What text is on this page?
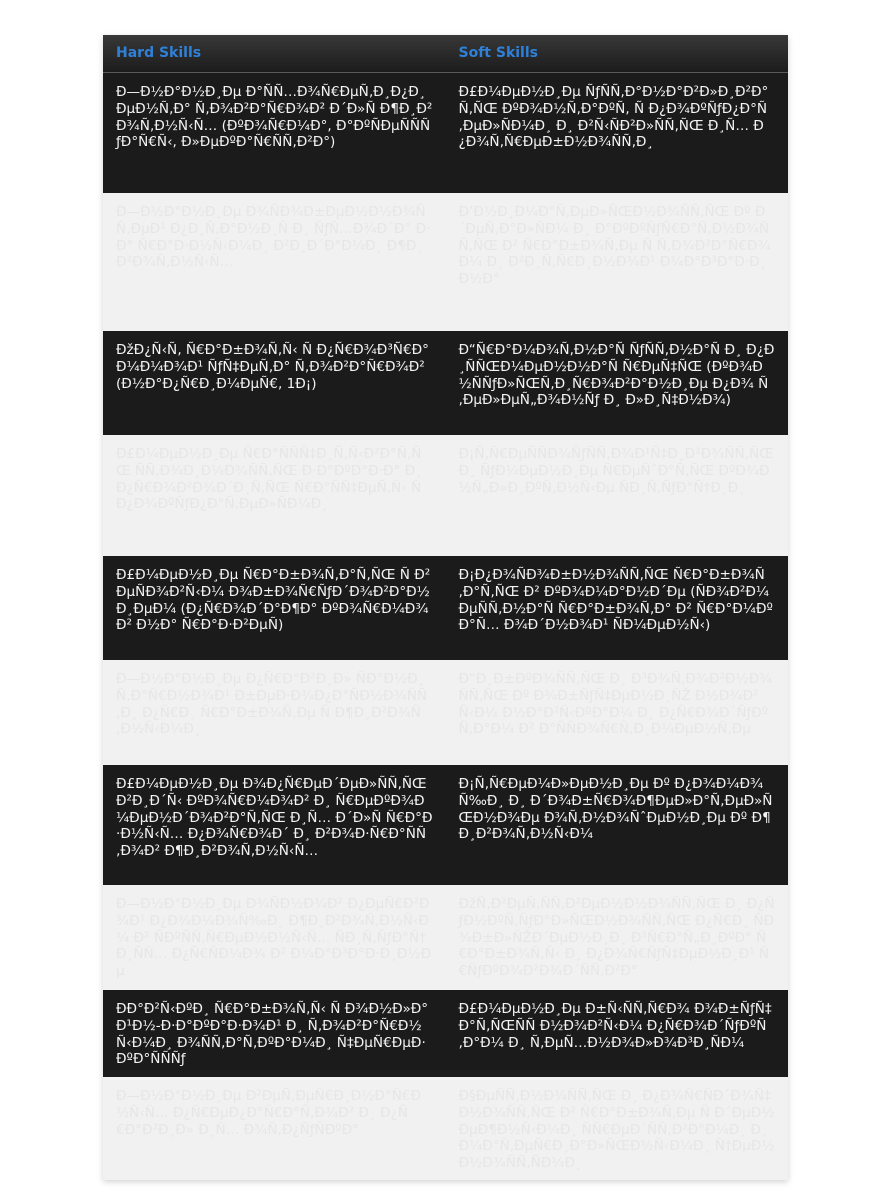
Hard Skills	Soft Skills
Ð—Ð½Ð°Ð½Ð¸Ðµ Ð°ÑÑ…Ð¾Ñ€ÐµÑ‚Ð¸Ð¿Ð¸ÐµÐ½Ñ‚Ð° Ñ‚Ð¾Ð²Ð°Ñ€Ð¾Ð² Ð´Ð»Ñ Ð¶Ð¸Ð²Ð¾Ñ‚Ð½Ñ‹Ñ… (ÐºÐ¾Ñ€Ð¼Ð°, Ð°ÐºÑÐµÑÑÑƒÐ°Ñ€Ñ‹, Ð»ÐµÐºÐ°Ñ€ÑÑ‚Ð²Ð°)
Ð£Ð¼ÐµÐ½Ð¸Ðµ ÑƒÑÑ‚Ð°Ð½Ð°Ð²Ð»Ð¸Ð²Ð°Ñ‚ÑŒ ÐºÐ¾Ð½Ñ‚Ð°ÐºÑ‚ Ñ Ð¿Ð¾ÐºÑƒÐ¿Ð°Ñ‚ÐµÐ»ÑÐ¼Ð¸ Ð¸ Ð²Ñ‹ÑÐ²Ð»ÑÑ‚ÑŒ Ð¸Ñ… Ð¿Ð¾Ñ‚Ñ€ÐµÐ±Ð½Ð¾ÑÑ‚Ð¸
Ð—Ð½Ð°Ð½Ð¸Ðµ Ð¾ÑÐ¾Ð±ÐµÐ½Ð½Ð¾ÑÑ‚ÐµÐ¹ Ð¿Ð¸Ñ‚Ð°Ð½Ð¸Ñ Ð¸ ÑƒÑ…Ð¾Ð´Ð° Ð·Ð° Ñ€Ð°Ð·Ð½Ñ‹Ð¼Ð¸ Ð²Ð¸Ð´Ð°Ð¼Ð¸ Ð¶Ð¸Ð²Ð¾Ñ‚Ð½Ñ‹Ñ…
Ð’Ð½Ð¸Ð¼Ð°Ñ‚ÐµÐ»ÑŒÐ½Ð¾ÑÑ‚ÑŒ Ðº Ð´ÐµÑ‚Ð°Ð»ÑÐ¼ Ð¸ Ð°ÐºÐºÑƒÑ€Ð°Ñ‚Ð½Ð¾ÑÑ‚ÑŒ Ð² Ñ€Ð°Ð±Ð¾Ñ‚Ðµ Ñ Ñ‚Ð¾Ð²Ð°Ñ€Ð¾Ð¼ Ð¸ Ð²Ð¸Ñ‚Ñ€Ð¸Ð½Ð¾Ð¹ Ð¼Ð°Ð³Ð°Ð·Ð¸Ð½Ð°
ÐžÐ¿Ñ‹Ñ‚ Ñ€Ð°Ð±Ð¾Ñ‚Ñ‹ Ñ Ð¿Ñ€Ð¾Ð³Ñ€Ð°Ð¼Ð¼Ð¾Ð¹ ÑƒÑ‡ÐµÑ‚Ð° Ñ‚Ð¾Ð²Ð°Ñ€Ð¾Ð² (Ð½Ð°Ð¿Ñ€Ð¸Ð¼ÐµÑ€, 1Ð¡)
Ð“Ñ€Ð°Ð¼Ð¾Ñ‚Ð½Ð°Ñ ÑƒÑÑ‚Ð½Ð°Ñ Ð¸ Ð¿Ð¸ÑÑŒÐ¼ÐµÐ½Ð½Ð°Ñ Ñ€ÐµÑ‡ÑŒ (ÐºÐ¾Ð½ÑÑƒÐ»ÑŒÑ‚Ð¸Ñ€Ð¾Ð²Ð°Ð½Ð¸Ðµ Ð¿Ð¾ Ñ‚ÐµÐ»ÐµÑ„Ð¾Ð½Ñƒ Ð¸ Ð»Ð¸Ñ‡Ð½Ð¾)
Ð£Ð¼ÐµÐ½Ð¸Ðµ Ñ€Ð°ÑÑÑ‡Ð¸Ñ‚Ñ‹Ð²Ð°Ñ‚ÑŒ ÑÑ‚Ð¾Ð¸Ð¼Ð¾ÑÑ‚ÑŒ Ð·Ð°ÐºÐ°Ð·Ð° Ð¸ Ð¿Ñ€Ð¾Ð²Ð¾Ð´Ð¸Ñ‚ÑŒ Ñ€Ð°ÑÑ‡ÐµÑ‚Ñ‹ Ñ Ð¿Ð¾ÐºÑƒÐ¿Ð°Ñ‚ÐµÐ»ÑÐ¼Ð¸
Ð¡Ñ‚Ñ€ÐµÑÑÐ¾ÑƒÑÑ‚Ð¾Ð¹Ñ‡Ð¸Ð²Ð¾ÑÑ‚ÑŒ Ð¸ ÑƒÐ¼ÐµÐ½Ð¸Ðµ Ñ€ÐµÑˆÐ°Ñ‚ÑŒ ÐºÐ¾Ð½Ñ„Ð»Ð¸ÐºÑ‚Ð½Ñ‹Ðµ ÑÐ¸Ñ‚ÑƒÐ°Ñ†Ð¸Ð¸
Ð£Ð¼ÐµÐ½Ð¸Ðµ Ñ€Ð°Ð±Ð¾Ñ‚Ð°Ñ‚ÑŒ Ñ Ð²ÐµÑÐ¾Ð²Ñ‹Ð¼ Ð¾Ð±Ð¾Ñ€ÑƒÐ´Ð¾Ð²Ð°Ð½Ð¸ÐµÐ¼ (Ð¿Ñ€Ð¾Ð´Ð°Ð¶Ð° ÐºÐ¾Ñ€Ð¼Ð¾Ð² Ð½Ð° Ñ€Ð°Ð·Ð²ÐµÑ)
Ð¡Ð¿Ð¾ÑÐ¾Ð±Ð½Ð¾ÑÑ‚ÑŒ Ñ€Ð°Ð±Ð¾Ñ‚Ð°Ñ‚ÑŒ Ð² ÐºÐ¾Ð¼Ð°Ð½Ð´Ðµ (ÑÐ¾Ð²Ð¼ÐµÑÑ‚Ð½Ð°Ñ Ñ€Ð°Ð±Ð¾Ñ‚Ð° Ð² Ñ€Ð°Ð¼ÐºÐ°Ñ… Ð¾Ð´Ð½Ð¾Ð¹ ÑÐ¼ÐµÐ½Ñ‹)
Ð—Ð½Ð°Ð½Ð¸Ðµ Ð¿Ñ€Ð°Ð²Ð¸Ð» ÑÐ°Ð½Ð¸Ñ‚Ð°Ñ€Ð½Ð¾Ð¹ Ð±ÐµÐ·Ð¾Ð¿Ð°ÑÐ½Ð¾ÑÑ‚Ð¸ Ð¿Ñ€Ð¸ Ñ€Ð°Ð±Ð¾Ñ‚Ðµ Ñ Ð¶Ð¸Ð²Ð¾Ñ‚Ð½Ñ‹Ð¼Ð¸
Ð“Ð¸Ð±ÐºÐ¾ÑÑ‚ÑŒ Ð¸ Ð³Ð¾Ñ‚Ð¾Ð²Ð½Ð¾ÑÑ‚ÑŒ Ðº Ð¾Ð±ÑƒÑ‡ÐµÐ½Ð¸ÑŽ Ð½Ð¾Ð²Ñ‹Ð¼ Ð½Ð°Ð²Ñ‹ÐºÐ°Ð¼ Ð¸ Ð¿Ñ€Ð¾Ð´ÑƒÐºÑ‚Ð°Ð¼ Ð² Ð°ÑÑÐ¾Ñ€Ñ‚Ð¸Ð¼ÐµÐ½Ñ‚Ðµ
Ð£Ð¼ÐµÐ½Ð¸Ðµ Ð¾Ð¿Ñ€ÐµÐ´ÐµÐ»ÑÑ‚ÑŒ Ð²Ð¸Ð´Ñ‹ ÐºÐ¾Ñ€Ð¼Ð¾Ð² Ð¸ Ñ€ÐµÐºÐ¾Ð¼ÐµÐ½Ð´Ð¾Ð²Ð°Ñ‚ÑŒ Ð¸Ñ… Ð´Ð»Ñ Ñ€Ð°Ð·Ð½Ñ‹Ñ… Ð¿Ð¾Ñ€Ð¾Ð´ Ð¸ Ð²Ð¾Ð·Ñ€Ð°ÑÑ‚Ð¾Ð² Ð¶Ð¸Ð²Ð¾Ñ‚Ð½Ñ‹Ñ…
Ð¡Ñ‚Ñ€ÐµÐ¼Ð»ÐµÐ½Ð¸Ðµ Ðº Ð¿Ð¾Ð¼Ð¾Ñ‰Ð¸ Ð¸ Ð´Ð¾Ð±Ñ€Ð¾Ð¶ÐµÐ»Ð°Ñ‚ÐµÐ»ÑŒÐ½Ð¾Ðµ Ð¾Ñ‚Ð½Ð¾ÑˆÐµÐ½Ð¸Ðµ Ðº Ð¶Ð¸Ð²Ð¾Ñ‚Ð½Ñ‹Ð¼
Ð—Ð½Ð°Ð½Ð¸Ðµ Ð¾ÑÐ½Ð¾Ð² Ð¿ÐµÑ€Ð²Ð¾Ð¹ Ð¿Ð¾Ð¼Ð¾Ñ‰Ð¸ Ð¶Ð¸Ð²Ð¾Ñ‚Ð½Ñ‹Ð¼ Ð² ÑÐºÑÑ‚Ñ€ÐµÐ½Ð½Ñ‹Ñ… ÑÐ¸Ñ‚ÑƒÐ°Ñ†Ð¸ÑÑ… Ð¿Ñ€ÑÐ¼Ð¾ Ð² Ð¼Ð°Ð³Ð°Ð·Ð¸Ð½Ðµ
ÐžÑ‚Ð²ÐµÑ‚ÑÑ‚Ð²ÐµÐ½Ð½Ð¾ÑÑ‚ÑŒ Ð¸ Ð¿ÑƒÐ½ÐºÑ‚ÑƒÐ°Ð»ÑŒÐ½Ð¾ÑÑ‚ÑŒ Ð¿Ñ€Ð¸ ÑÐ¾Ð±Ð»ÑŽÐ´ÐµÐ½Ð¸Ð¸ Ð³Ñ€Ð°Ñ„Ð¸ÐºÐ° Ñ€Ð°Ð±Ð¾Ñ‚Ñ‹ Ð¸ Ð¿Ð¾Ñ€ÑƒÑ‡ÐµÐ½Ð¸Ð¹ Ñ€ÑƒÐºÐ¾Ð²Ð¾Ð´ÑÑ‚Ð²Ð°
ÐÐ°Ð²Ñ‹ÐºÐ¸ Ñ€Ð°Ð±Ð¾Ñ‚Ñ‹ Ñ Ð¾Ð½Ð»Ð°Ð¹Ð½-Ð·Ð°ÐºÐ°Ð·Ð¾Ð¹ Ð¸ Ñ‚Ð¾Ð²Ð°Ñ€Ð½Ñ‹Ð¼Ð¸ Ð¾ÑÑ‚Ð°Ñ‚ÐºÐ°Ð¼Ð¸ Ñ‡ÐµÑ€ÐµÐ· ÐºÐ°ÑÑÑƒ
Ð£Ð¼ÐµÐ½Ð¸Ðµ Ð±Ñ‹ÑÑ‚Ñ€Ð¾ Ð¾Ð±ÑƒÑ‡Ð°Ñ‚ÑŒÑÑ Ð½Ð¾Ð²Ñ‹Ð¼ Ð¿Ñ€Ð¾Ð´ÑƒÐºÑ‚Ð°Ð¼ Ð¸ Ñ‚ÐµÑ…Ð½Ð¾Ð»Ð¾Ð³Ð¸ÑÐ¼
Ð—Ð½Ð°Ð½Ð¸Ðµ Ð²ÐµÑ‚ÐµÑ€Ð¸Ð½Ð°Ñ€Ð½Ñ‹Ñ… Ð¿Ñ€ÐµÐ¿Ð°Ñ€Ð°Ñ‚Ð¾Ð² Ð¸ Ð¿Ñ€Ð°Ð²Ð¸Ð» Ð¸Ñ… Ð¾Ñ‚Ð¿ÑƒÑÐºÐ°
Ð§ÐµÑÑ‚Ð½Ð¾ÑÑ‚ÑŒ Ð¸ Ð¿Ð¾Ñ€ÑÐ´Ð¾Ñ‡Ð½Ð¾ÑÑ‚ÑŒ Ð² Ñ€Ð°Ð±Ð¾Ñ‚Ðµ Ñ Ð´ÐµÐ½ÐµÐ¶Ð½Ñ‹Ð¼Ð¸ ÑÑ€ÐµÐ´ÑÑ‚Ð²Ð°Ð¼Ð¸ Ð¸ Ð¼Ð°Ñ‚ÐµÑ€Ð¸Ð°Ð»ÑŒÐ½Ñ‹Ð¼Ð¸ Ñ†ÐµÐ½Ð½Ð¾ÑÑ‚ÑÐ¼Ð¸
